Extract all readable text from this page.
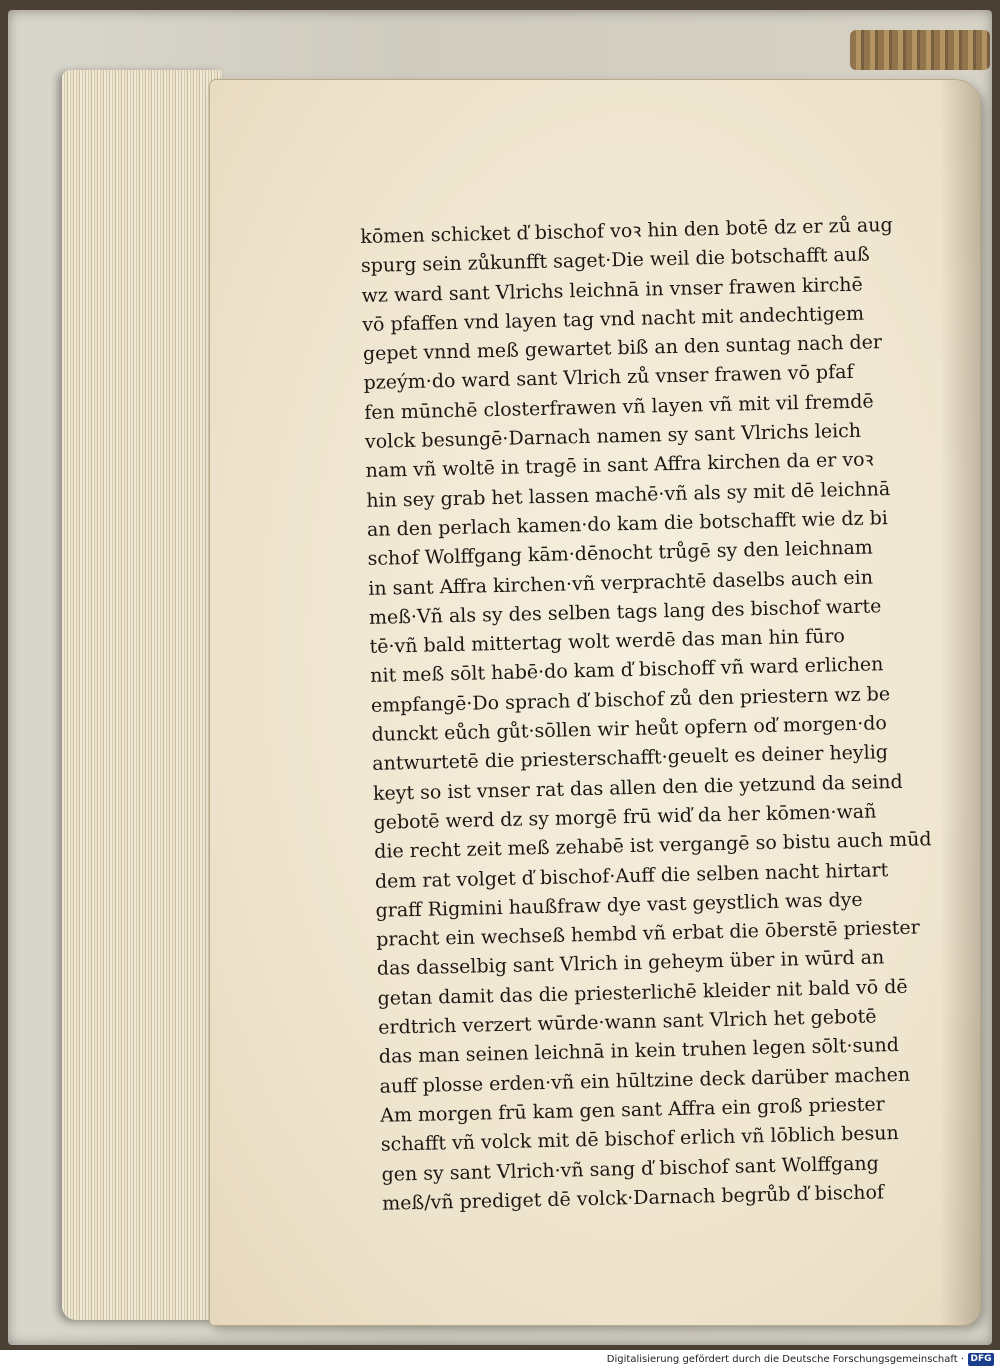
kōmen schicket ď bischof voꝛ hin den botē dz er zů aug
spurg sein zůkunfft saget·Die weil die botschafft auß
wz ward sant Vlrichs leichnā in vnser frawen kirchē
vō pfaffen vnd layen tag vnd nacht mit andechtigem
gepet vnnd meß gewartet biß an den suntag nach der
pzeým·do ward sant Vlrich zů vnser frawen vō pfaf
fen mūnchē closterfrawen vñ layen vñ mit vil fremdē
volck besungē·Darnach namen sy sant Vlrichs leich
nam vñ woltē in tragē in sant Affra kirchen da er voꝛ
hin sey grab het lassen machē·vñ als sy mit dē leichnā
an den perlach kamen·do kam die botschafft wie dz bi
schof Wolffgang kām·dēnocht trůgē sy den leichnam
in sant Affra kirchen·vñ verprachtē daselbs auch ein
meß·Vñ als sy des selben tags lang des bischof warte
tē·vñ bald mittertag wolt werdē das man hin fūro
nit meß sōlt habē·do kam ď bischoff vñ ward erlichen
empfangē·Do sprach ď bischof zů den priestern wz be
dunckt eůch gůt·sōllen wir heůt opfern oď morgen·do
antwurtetē die priesterschafft·geuelt es deiner heylig
keyt so ist vnser rat das allen den die yetzund da seind
gebotē werd dz sy morgē frū wiď da her kōmen·wañ
die recht zeit meß zehabē ist vergangē so bistu auch mūd
dem rat volget ď bischof·Auff die selben nacht hirtart
graff Rigmini haußfraw dye vast geystlich was dye
pracht ein wechseß hembd vñ erbat die ōberstē priester
das dasselbig sant Vlrich in geheym über in wūrd an
getan damit das die priesterlichē kleider nit bald vō dē
erdtrich verzert wūrde·wann sant Vlrich het gebotē
das man seinen leichnā in kein truhen legen sōlt·sund
auff plosse erden·vñ ein hūltzine deck darüber machen
Am morgen frū kam gen sant Affra ein groß priester
schafft vñ volck mit dē bischof erlich vñ lōblich besun
gen sy sant Vlrich·vñ sang ď bischof sant Wolffgang
meß/vñ prediget dē volck·Darnach begrůb ď bischof
Digitalisierung gefördert durch die Deutsche Forschungsgemeinschaft · DFG
